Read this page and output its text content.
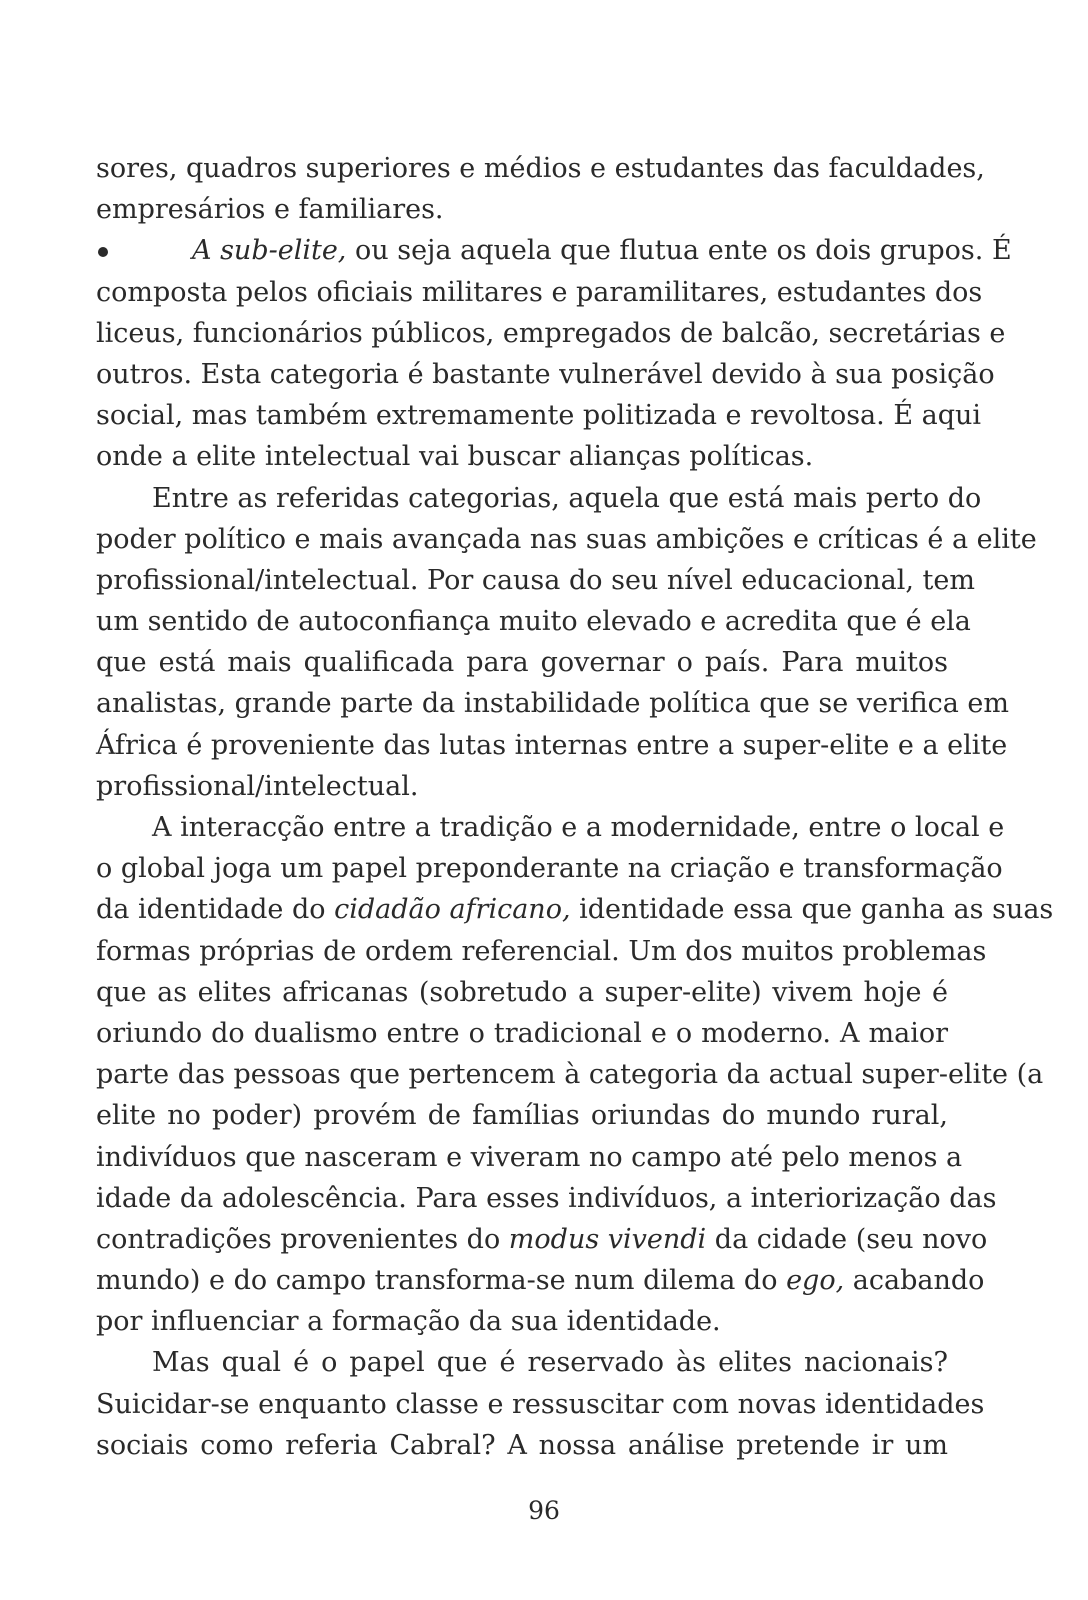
sores, quadros superiores e médios e estudantes das faculdades,
empresários e familiares.
A sub-elite, ou seja aquela que flutua ente os dois grupos. É
composta pelos oficiais militares e paramilitares, estudantes dos
liceus, funcionários públicos, empregados de balcão, secretárias e
outros. Esta categoria é bastante vulnerável devido à sua posição
social, mas também extremamente politizada e revoltosa. É aqui
onde a elite intelectual vai buscar alianças políticas.
Entre as referidas categorias, aquela que está mais perto do
poder político e mais avançada nas suas ambições e críticas é a elite
profissional/intelectual. Por causa do seu nível educacional, tem
um sentido de autoconfiança muito elevado e acredita que é ela
que está mais qualificada para governar o país. Para muitos
analistas, grande parte da instabilidade política que se verifica em
África é proveniente das lutas internas entre a super-elite e a elite
profissional/intelectual.
A interacção entre a tradição e a modernidade, entre o local e
o global joga um papel preponderante na criação e transformação
da identidade do cidadão africano, identidade essa que ganha as suas
formas próprias de ordem referencial. Um dos muitos problemas
que as elites africanas (sobretudo a super-elite) vivem hoje é
oriundo do dualismo entre o tradicional e o moderno. A maior
parte das pessoas que pertencem à categoria da actual super-elite (a
elite no poder) provém de famílias oriundas do mundo rural,
indivíduos que nasceram e viveram no campo até pelo menos a
idade da adolescência. Para esses indivíduos, a interiorização das
contradições provenientes do modus vivendi da cidade (seu novo
mundo) e do campo transforma-se num dilema do ego, acabando
por influenciar a formação da sua identidade.
Mas qual é o papel que é reservado às elites nacionais?
Suicidar-se enquanto classe e ressuscitar com novas identidades
sociais como referia Cabral? A nossa análise pretende ir um
96
